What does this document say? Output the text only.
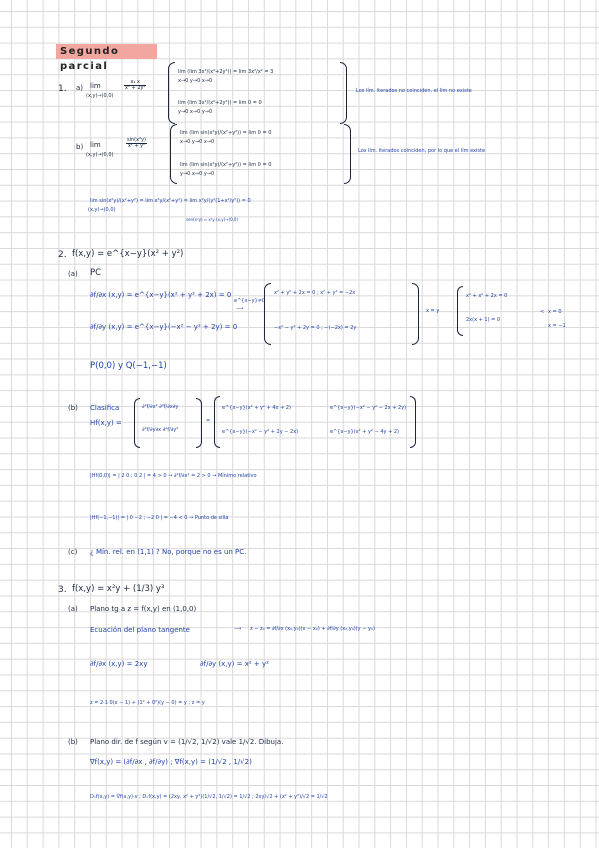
Segundo parcial
1. a) lim
(x,y)→(0,0)
$\frac{\text{x₂ x}}{\text{x² + 2y²}}$
lim (lim 3x²/(x²+2y²)) = lim 3x²/x² = 3
x→0 y→0 x→0
lim (lim 3x²/(x²+2y²)) = lim 0 = 0
y→0 x→0 y→0
Los lím. iterados no coinciden, el lím no existe
b) lim
(x,y)→(0,0)
$\frac{\text{sin(x²y)}}{\text{x² + y²}}$
lim (lim sin(x²y)/(x²+y²)) = lim 0 = 0
x→0 y→0 x→0
lim (lim sin(x²y)/(x²+y²)) = lim 0 = 0
y→0 x→0 y→0
Los lím. iterados coinciden, por lo que el lím existe
lim sin(x²y)/(x²+y²) = lim x²y/(x²+y²) = lim x²y/(y²(1+x²/y²)) = 0
(x,y)→(0,0)
sen(x²y) ≈ x²y (x,y)→(0,0)
2. f(x,y) = e^{x−y}(x² + y²)
(a) PC
∂f/∂x (x,y) = e^{x−y}(x² + y² + 2x) = 0
∂f/∂y (x,y) = e^{x−y}(−x² − y² + 2y) = 0
e^{x−y}≠0
⟶
x² + y² + 2x = 0 ; x² + y² = −2x
−x² − y² + 2y = 0 ; −(−2x) = 2y
x = y
x² + x² + 2x = 0
2x(x + 1) = 0
< x = 0
x = −1
P(0,0) y Q(−1,−1)
(b) Clasifica
Hf(x,y) =
∂²f/∂x² ∂²f/∂x∂y
∂²f/∂y∂x ∂²f/∂y²
=
e^{x−y}(x² + y² + 4x + 2)	e^{x−y}(−x² − y² − 2x + 2y)
e^{x−y}(−x² − y² + 2y − 2x)	e^{x−y}(x² + y² − 4y + 2)
|Hf(0,0)| = | 2 0 ; 0 2 | = 4 > 0 → ∂²f/∂x² = 2 > 0 → Mínimo relativo
|Hf(−1,−1)| = | 0 −2 ; −2 0 | = −4 < 0 → Punto de silla
(c) ¿ Mín. rel. en (1,1) ? No, porque no es un PC.
3. f(x,y) = x²y + (1/3) y³
(a) Plano tg a z = f(x,y) en (1,0,0)
Ecuación del plano tangente	⟶ z − z₀ = ∂f/∂x (x₀,y₀)(x − x₀) + ∂f/∂y (x₀,y₀)(y − y₀)
∂f/∂x (x,y) = 2xy	∂f/∂y (x,y) = x² + y²
z = 2·1·0(x − 1) + (1² + 0²)(y − 0) = y ; z = y
(b) Plano dir. de f según v = (1/√2, 1/√2) vale 1/√2. Dibuja.
∇f(x,y) = (∂f/∂x , ∂f/∂y) ; ∇f(x,y) = (1/√2 , 1/√2)
Dᵥf(x,y) = ∇f(x,y)·v ; Dᵥf(x,y) = (2xy, x² + y²)(1/√2, 1/√2) = 1/√2 ; 2xy/√2 + (x² + y²)/√2 = 1/√2
